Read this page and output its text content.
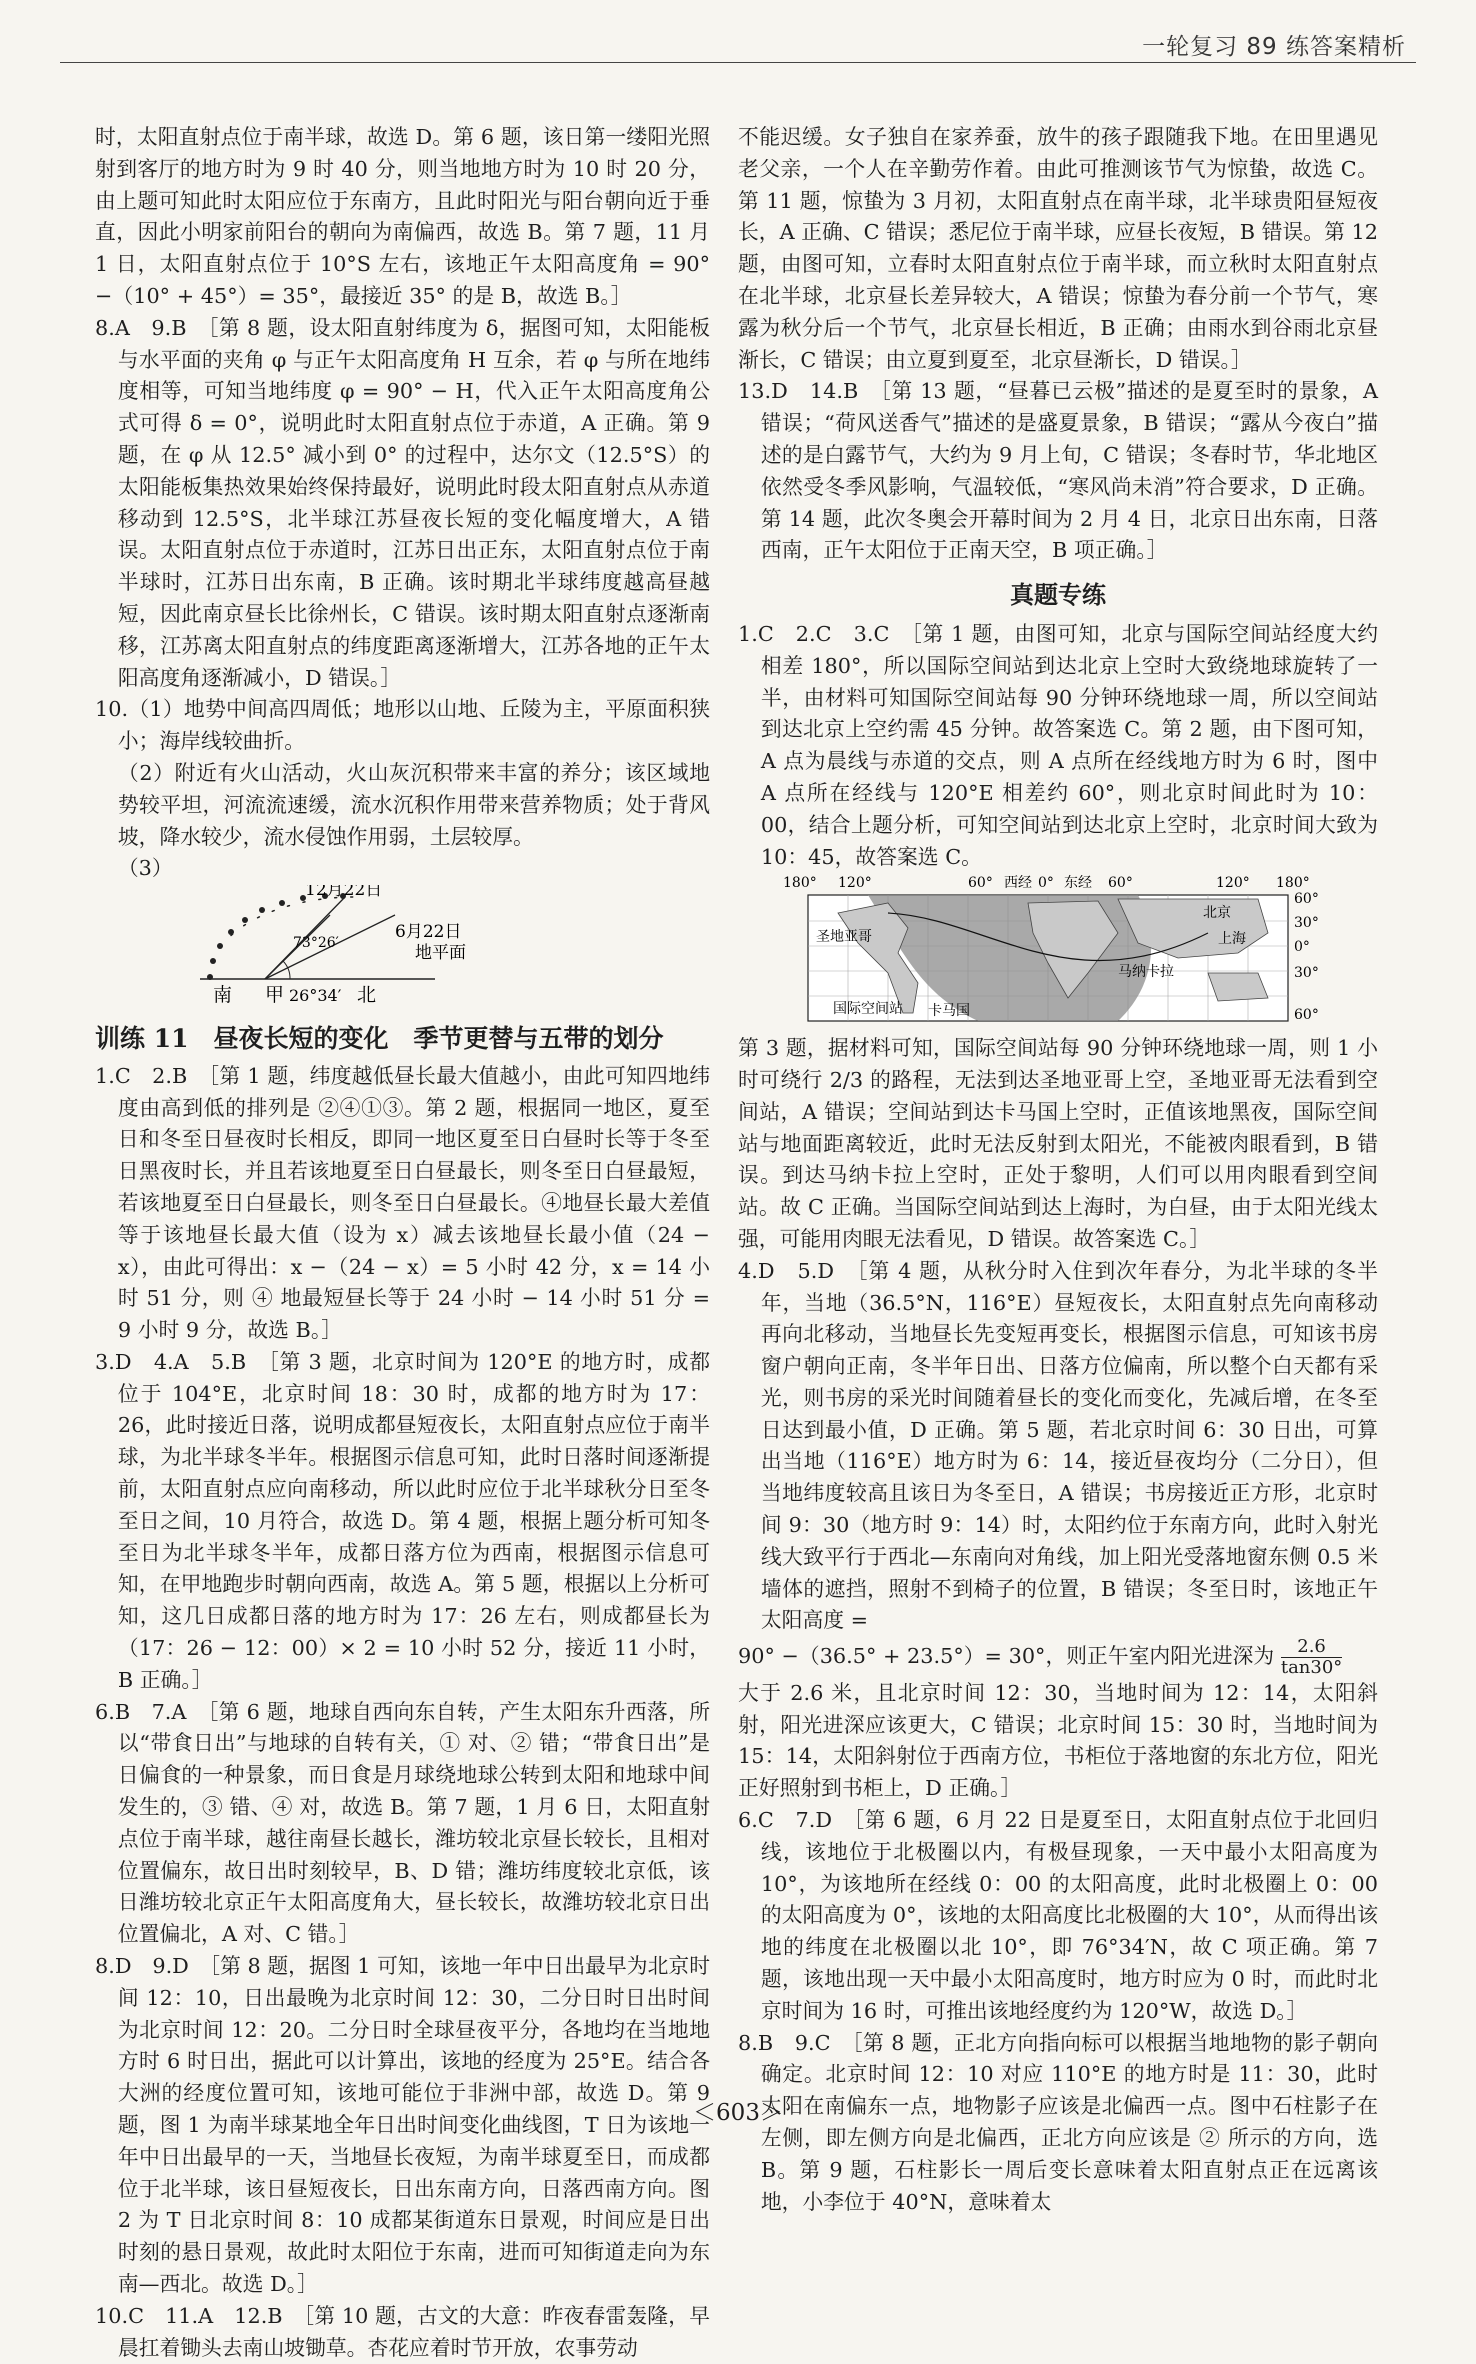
一轮复习 89 练答案精析

时，太阳直射点位于南半球，故选 D。第 6 题，该日第一缕阳光照射到客厅的地方时为 9 时 40 分，则当地地方时为 10 时 20 分，由上题可知此时太阳应位于东南方，且此时阳光与阳台朝向近于垂直，因此小明家前阳台的朝向为南偏西，故选 B。第 7 题，11 月 1 日，太阳直射点位于 10°S 左右，该地正午太阳高度角 = 90° −（10° + 45°）= 35°，最接近 35° 的是 B，故选 B。］

8.A　9.B　［第 8 题，设太阳直射纬度为 δ，据图可知，太阳能板与水平面的夹角 φ 与正午太阳高度角 H 互余，若 φ 与所在地纬度相等，可知当地纬度 φ = 90° − H，代入正午太阳高度角公式可得 δ = 0°，说明此时太阳直射点位于赤道，A 正确。第 9 题，在 φ 从 12.5° 减小到 0° 的过程中，达尔文（12.5°S）的太阳能板集热效果始终保持最好，说明此时段太阳直射点从赤道移动到 12.5°S，北半球江苏昼夜长短的变化幅度增大，A 错误。太阳直射点位于赤道时，江苏日出正东，太阳直射点位于南半球时，江苏日出东南，B 正确。该时期北半球纬度越高昼越短，因此南京昼长比徐州长，C 错误。该时期太阳直射点逐渐南移，江苏离太阳直射点的纬度距离逐渐增大，江苏各地的正午太阳高度角逐渐减小，D 错误。］

10.（1）地势中间高四周低；地形以山地、丘陵为主，平原面积狭小；海岸线较曲折。

（2）附近有火山活动，火山灰沉积带来丰富的养分；该区域地势较平坦，河流流速缓，流水沉积作用带来营养物质；处于背风坡，降水较少，流水侵蚀作用弱，土层较厚。

（3）

12月22日
6月22日
地平面
73°26′
南 甲 26°34′ 北
训练 11　昼夜长短的变化　季节更替与五带的划分

1.C　2.B　［第 1 题，纬度越低昼长最大值越小，由此可知四地纬度由高到低的排列是 ②④①③。第 2 题，根据同一地区，夏至日和冬至日昼夜时长相反，即同一地区夏至日白昼时长等于冬至日黑夜时长，并且若该地夏至日白昼最长，则冬至日白昼最短，若该地夏至日白昼最长，则冬至日白昼最长。④地昼长最大差值等于该地昼长最大值（设为 x）减去该地昼长最小值（24 − x），由此可得出：x −（24 − x）= 5 小时 42 分，x = 14 小时 51 分，则 ④ 地最短昼长等于 24 小时 − 14 小时 51 分 = 9 小时 9 分，故选 B。］

3.D　4.A　5.B　［第 3 题，北京时间为 120°E 的地方时，成都位于 104°E，北京时间 18：30 时，成都的地方时为 17：26，此时接近日落，说明成都昼短夜长，太阳直射点应位于南半球，为北半球冬半年。根据图示信息可知，此时日落时间逐渐提前，太阳直射点应向南移动，所以此时应位于北半球秋分日至冬至日之间，10 月符合，故选 D。第 4 题，根据上题分析可知冬至日为北半球冬半年，成都日落方位为西南，根据图示信息可知，在甲地跑步时朝向西南，故选 A。第 5 题，根据以上分析可知，这几日成都日落的地方时为 17：26 左右，则成都昼长为（17：26 − 12：00）× 2 = 10 小时 52 分，接近 11 小时，B 正确。］

6.B　7.A　［第 6 题，地球自西向东自转，产生太阳东升西落，所以“带食日出”与地球的自转有关，① 对、② 错；“带食日出”是日偏食的一种景象，而日食是月球绕地球公转到太阳和地球中间发生的，③ 错、④ 对，故选 B。第 7 题，1 月 6 日，太阳直射点位于南半球，越往南昼长越长，潍坊较北京昼长较长，且相对位置偏东，故日出时刻较早，B、D 错；潍坊纬度较北京低，该日潍坊较北京正午太阳高度角大，昼长较长，故潍坊较北京日出位置偏北，A 对、C 错。］

8.D　9.D　［第 8 题，据图 1 可知，该地一年中日出最早为北京时间 12：10，日出最晚为北京时间 12：30，二分日时日出时间为北京时间 12：20。二分日时全球昼夜平分，各地均在当地地方时 6 时日出，据此可以计算出，该地的经度为 25°E。结合各大洲的经度位置可知，该地可能位于非洲中部，故选 D。第 9 题，图 1 为南半球某地全年日出时间变化曲线图，T 日为该地一年中日出最早的一天，当地昼长夜短，为南半球夏至日，而成都位于北半球，该日昼短夜长，日出东南方向，日落西南方向。图 2 为 T 日北京时间 8：10 成都某街道东日景观，时间应是日出时刻的悬日景观，故此时太阳位于东南，进而可知街道走向为东南—西北。故选 D。］

10.C　11.A　12.B　［第 10 题，古文的大意：昨夜春雷轰隆，早晨扛着锄头去南山坡锄草。杏花应着时节开放，农事劳动

不能迟缓。女子独自在家养蚕，放牛的孩子跟随我下地。在田里遇见老父亲，一个人在辛勤劳作着。由此可推测该节气为惊蛰，故选 C。第 11 题，惊蛰为 3 月初，太阳直射点在南半球，北半球贵阳昼短夜长，A 正确、C 错误；悉尼位于南半球，应昼长夜短，B 错误。第 12 题，由图可知，立春时太阳直射点位于南半球，而立秋时太阳直射点在北半球，北京昼长差异较大，A 错误；惊蛰为春分前一个节气，寒露为秋分后一个节气，北京昼长相近，B 正确；由雨水到谷雨北京昼渐长，C 错误；由立夏到夏至，北京昼渐长，D 错误。］

13.D　14.B　［第 13 题，“昼暮已云极”描述的是夏至时的景象，A 错误；“荷风送香气”描述的是盛夏景象，B 错误；“露从今夜白”描述的是白露节气，大约为 9 月上旬，C 错误；冬春时节，华北地区依然受冬季风影响，气温较低，“寒风尚未消”符合要求，D 正确。第 14 题，此次冬奥会开幕时间为 2 月 4 日，北京日出东南，日落西南，正午太阳位于正南天空，B 项正确。］

真题专练

1.C　2.C　3.C　［第 1 题，由图可知，北京与国际空间站经度大约相差 180°，所以国际空间站到达北京上空时大致绕地球旋转了一半，由材料可知国际空间站每 90 分钟环绕地球一周，所以空间站到达北京上空约需 45 分钟。故答案选 C。第 2 题，由下图可知，A 点为晨线与赤道的交点，则 A 点所在经线地方时为 6 时，图中 A 点所在经线与 120°E 相差约 60°，则北京时间此时为 10：00，结合上题分析，可知空间站到达北京上空时，北京时间大致为 10：45，故答案选 C。

180° 120°	60° 西经 0° 东经 60°	120° 180°
60°
30°
0°
30°
60°
北京
上海
圣地亚哥
马纳卡拉
国际空间站 卡马国

第 3 题，据材料可知，国际空间站每 90 分钟环绕地球一周，则 1 小时可绕行 2/3 的路程，无法到达圣地亚哥上空，圣地亚哥无法看到空间站，A 错误；空间站到达卡马国上空时，正值该地黑夜，国际空间站与地面距离较近，此时无法反射到太阳光，不能被肉眼看到，B 错误。到达马纳卡拉上空时，正处于黎明，人们可以用肉眼看到空间站。故 C 正确。当国际空间站到达上海时，为白昼，由于太阳光线太强，可能用肉眼无法看见，D 错误。故答案选 C。］

4.D　5.D　［第 4 题，从秋分时入住到次年春分，为北半球的冬半年，当地（36.5°N，116°E）昼短夜长，太阳直射点先向南移动再向北移动，当地昼长先变短再变长，根据图示信息，可知该书房窗户朝向正南，冬半年日出、日落方位偏南，所以整个白天都有采光，则书房的采光时间随着昼长的变化而变化，先减后增，在冬至日达到最小值，D 正确。第 5 题，若北京时间 6：30 日出，可算出当地（116°E）地方时为 6：14，接近昼夜均分（二分日），但当地纬度较高且该日为冬至日，A 错误；书房接近正方形，北京时间 9：30（地方时 9：14）时，太阳约位于东南方向，此时入射光线大致平行于西北—东南向对角线，加上阳光受落地窗东侧 0.5 米墙体的遮挡，照射不到椅子的位置，B 错误；冬至日时，该地正午太阳高度 =

90° −（36.5° + 23.5°）= 30°，则正午室内阳光进深为 $\frac{2.6}{\tan 30^\circ}$

大于 2.6 米，且北京时间 12：30，当地时间为 12：14，太阳斜射，阳光进深应该更大，C 错误；北京时间 15：30 时，当地时间为 15：14，太阳斜射位于西南方位，书柜位于落地窗的东北方位，阳光正好照射到书柜上，D 正确。］

6.C　7.D　［第 6 题，6 月 22 日是夏至日，太阳直射点位于北回归线，该地位于北极圈以内，有极昼现象，一天中最小太阳高度为 10°，为该地所在经线 0：00 的太阳高度，此时北极圈上 0：00 的太阳高度为 0°，该地的太阳高度比北极圈的大 10°，从而得出该地的纬度在北极圈以北 10°，即 76°34′N，故 C 项正确。第 7 题，该地出现一天中最小太阳高度时，地方时应为 0 时，而此时北京时间为 16 时，可推出该地经度约为 120°W，故选 D。］

8.B　9.C　［第 8 题，正北方向指向标可以根据当地地物的影子朝向确定。北京时间 12：10 对应 110°E 的地方时是 11：30，此时太阳在南偏东一点，地物影子应该是北偏西一点。图中石柱影子在左侧，即左侧方向是北偏西，正北方向应该是 ② 所示的方向，选 B。第 9 题，石柱影长一周后变长意味着太阳直射点正在远离该地，小李位于 40°N，意味着太

＜603＞
